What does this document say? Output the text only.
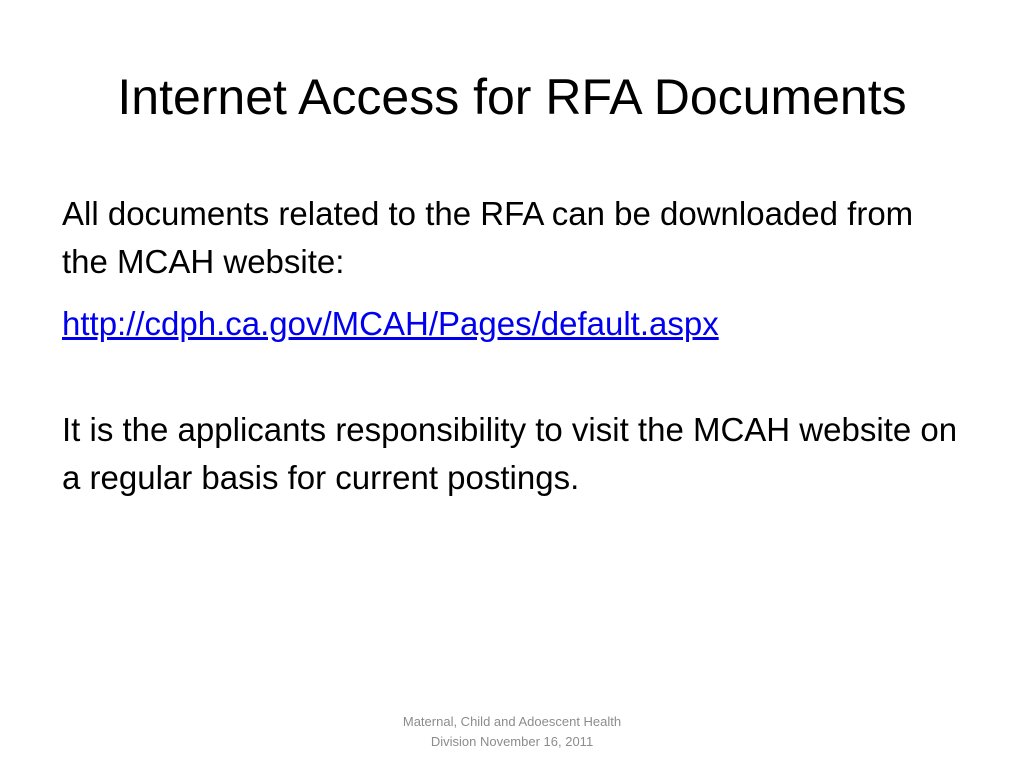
Internet Access for RFA Documents

All documents related to the RFA can be downloaded from the MCAH website:

http://cdph.ca.gov/MCAH/Pages/default.aspx

It is the applicants responsibility to visit the MCAH website on a regular basis for current postings.

Maternal, Child and Adoescent Health
Division November 16, 2011
